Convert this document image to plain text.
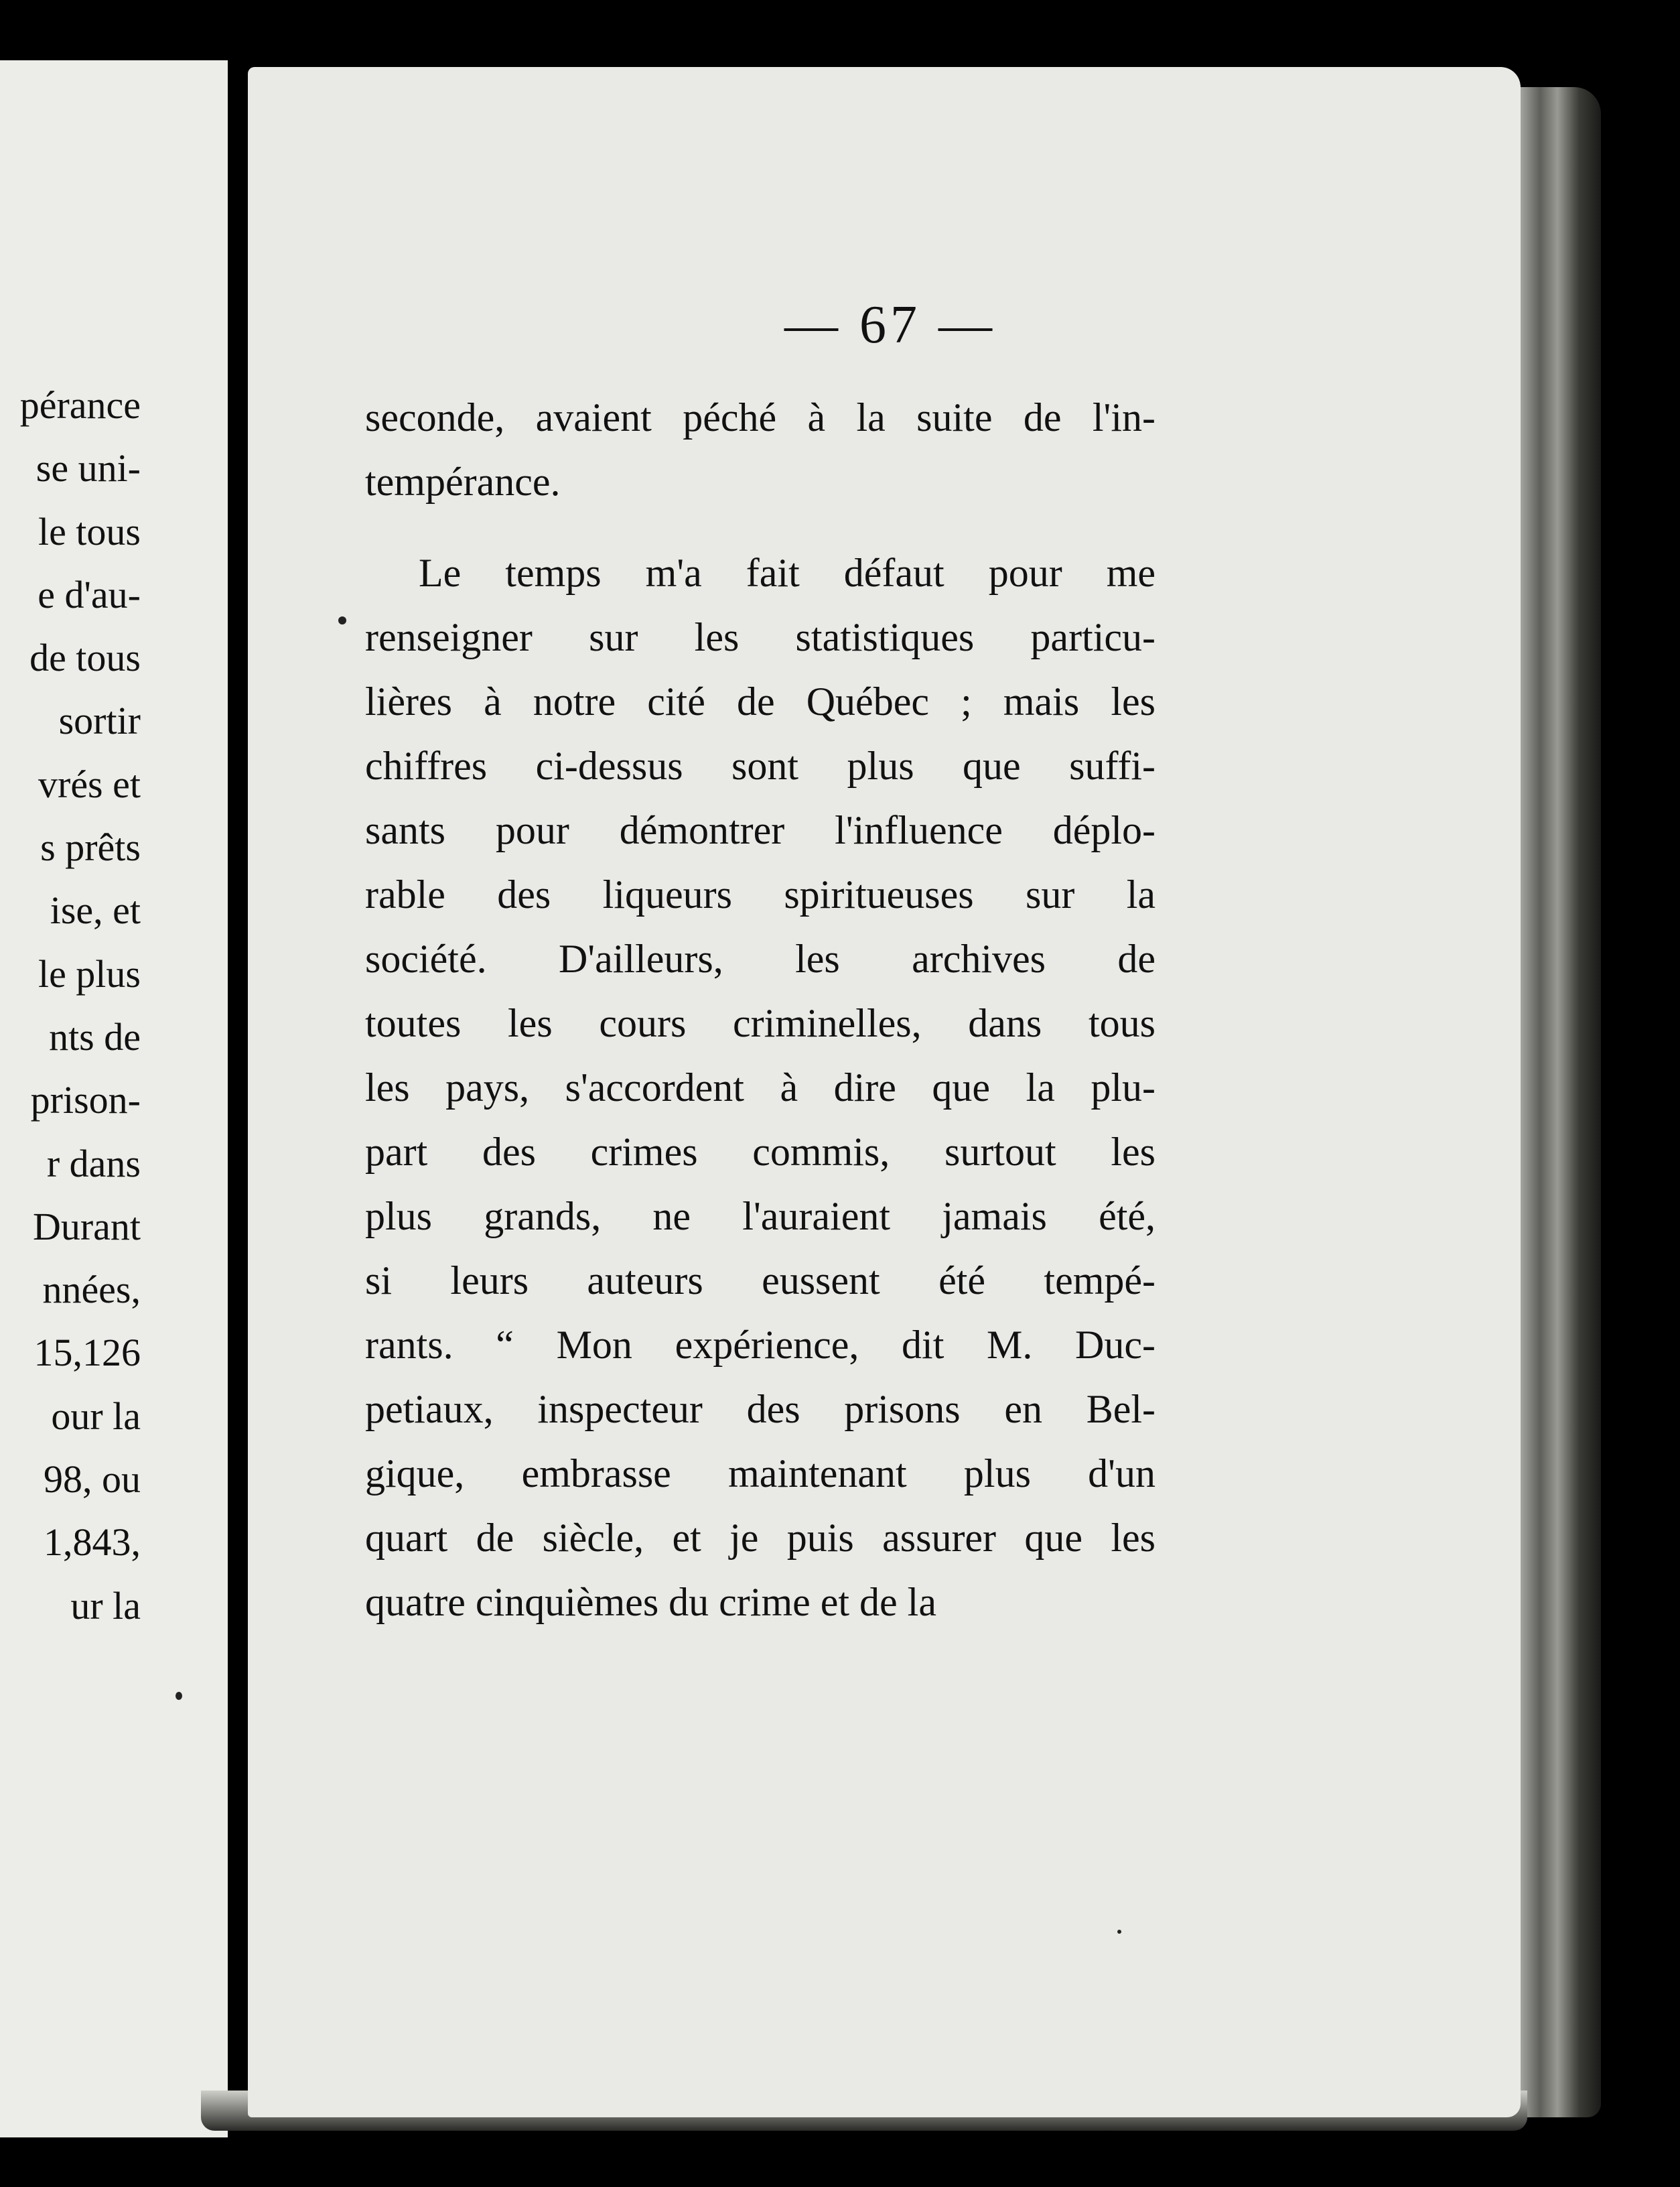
pérance
se uni-
le tous
e d'au-
de tous
sortir
vrés et
s prêts
ise, et
le plus
nts de
prison-
r dans
Durant
nnées,
15,126
our la
98, ou
1,843,
ur la
— 67 —
seconde, avaient péché à la suite de l'in-
tempérance.
Le temps m'a fait défaut pour me
renseigner sur les statistiques particu-
lières à notre cité de Québec ; mais les
chiffres ci-dessus sont plus que suffi-
sants pour démontrer l'influence déplo-
rable des liqueurs spiritueuses sur la
société. D'ailleurs, les archives de
toutes les cours criminelles, dans tous
les pays, s'accordent à dire que la plu-
part des crimes commis, surtout les
plus grands, ne l'auraient jamais été,
si leurs auteurs eussent été tempé-
rants. “ Mon expérience, dit M. Duc-
petiaux, inspecteur des prisons en Bel-
gique, embrasse maintenant plus d'un
quart de siècle, et je puis assurer que les
quatre cinquièmes du crime et de la
